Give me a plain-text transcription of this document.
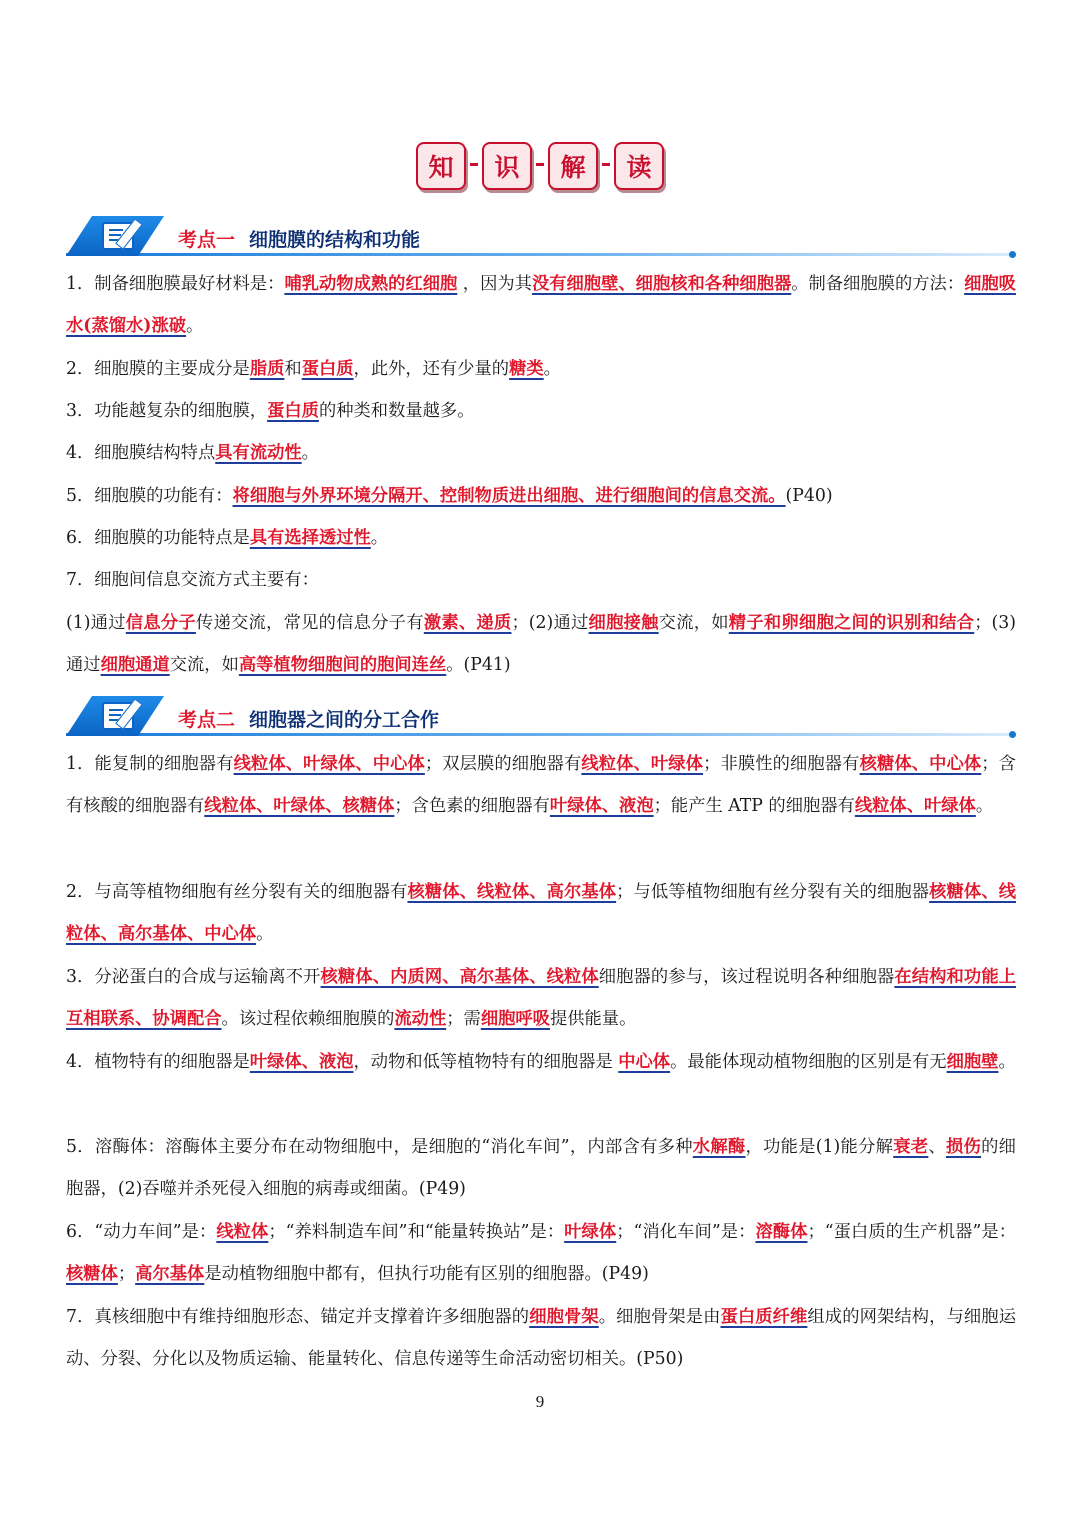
知	识	解	读
考点一 细胞膜的结构和功能
1．制备细胞膜最好材料是：哺乳动物成熟的红细胞 ，因为其没有细胞壁、细胞核和各种细胞器。制备细胞膜的方法：细胞吸水(蒸馏水)涨破。
2．细胞膜的主要成分是脂质和蛋白质，此外，还有少量的糖类。
3．功能越复杂的细胞膜，蛋白质的种类和数量越多。
4．细胞膜结构特点具有流动性。
5．细胞膜的功能有：将细胞与外界环境分隔开、控制物质进出细胞、进行细胞间的信息交流。(P40)
6．细胞膜的功能特点是具有选择透过性。
7．细胞间信息交流方式主要有：
(1)通过信息分子传递交流，常见的信息分子有激素、递质；(2)通过细胞接触交流，如精子和卵细胞之间的识别和结合；(3)通过细胞通道交流，如高等植物细胞间的胞间连丝。(P41)
考点二 细胞器之间的分工合作
1．能复制的细胞器有线粒体、叶绿体、中心体；双层膜的细胞器有线粒体、叶绿体；非膜性的细胞器有核糖体、中心体；含有核酸的细胞器有线粒体、叶绿体、核糖体；含色素的细胞器有叶绿体、液泡；能产生 ATP 的细胞器有线粒体、叶绿体。
2．与高等植物细胞有丝分裂有关的细胞器有核糖体、线粒体、高尔基体；与低等植物细胞有丝分裂有关的细胞器核糖体、线粒体、高尔基体、中心体。
3．分泌蛋白的合成与运输离不开核糖体、内质网、高尔基体、线粒体细胞器的参与，该过程说明各种细胞器在结构和功能上互相联系、协调配合。该过程依赖细胞膜的流动性；需细胞呼吸提供能量。
4．植物特有的细胞器是叶绿体、液泡，动物和低等植物特有的细胞器是 中心体。最能体现动植物细胞的区别是有无细胞壁。
5．溶酶体：溶酶体主要分布在动物细胞中，是细胞的“消化车间”，内部含有多种水解酶，功能是(1)能分解衰老、损伤的细胞器，(2)吞噬并杀死侵入细胞的病毒或细菌。(P49)
6．“动力车间”是：线粒体；“养料制造车间”和“能量转换站”是：叶绿体；“消化车间”是：溶酶体；“蛋白质的生产机器”是：核糖体；高尔基体是动植物细胞中都有，但执行功能有区别的细胞器。(P49)
7．真核细胞中有维持细胞形态、锚定并支撑着许多细胞器的细胞骨架。细胞骨架是由蛋白质纤维组成的网架结构，与细胞运动、分裂、分化以及物质运输、能量转化、信息传递等生命活动密切相关。(P50)
9
